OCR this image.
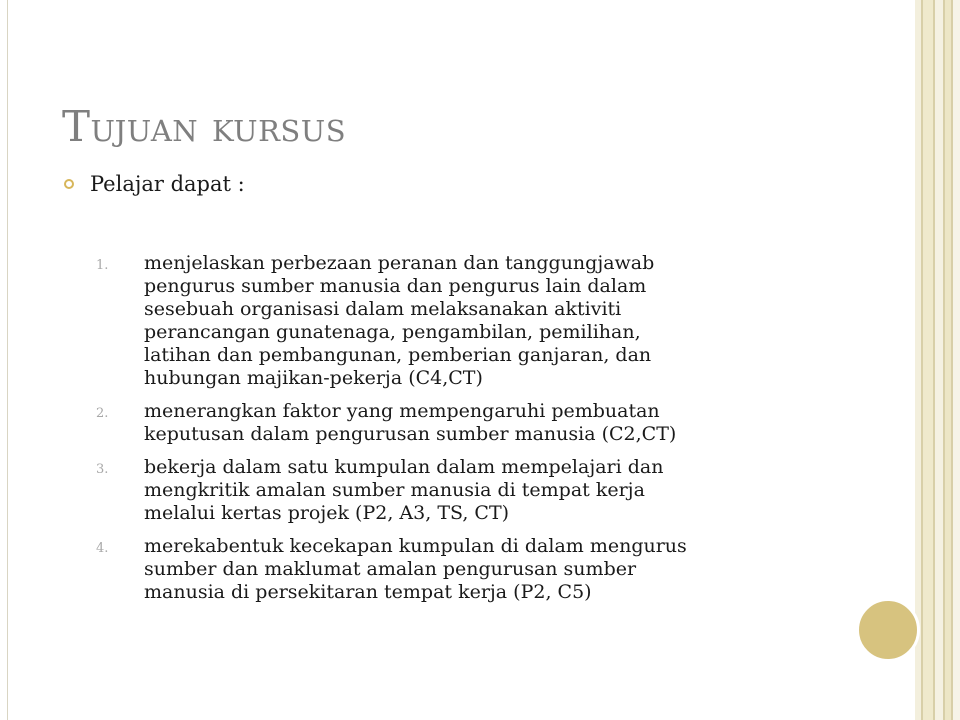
Tujuan kursus
Pelajar dapat :
1.	menjelaskan perbezaan peranan dan tanggungjawab
pengurus sumber manusia dan pengurus lain dalam
sesebuah organisasi dalam melaksanakan aktiviti
perancangan gunatenaga, pengambilan, pemilihan,
latihan dan pembangunan, pemberian ganjaran, dan
hubungan majikan-pekerja (C4,CT)
2.	menerangkan faktor yang mempengaruhi pembuatan
keputusan dalam pengurusan sumber manusia (C2,CT)
3.	bekerja dalam satu kumpulan dalam mempelajari dan
mengkritik amalan sumber manusia di tempat kerja
melalui kertas projek (P2, A3, TS, CT)
4.	merekabentuk kecekapan kumpulan di dalam mengurus
sumber dan maklumat amalan pengurusan sumber
manusia di persekitaran tempat kerja (P2, C5)
